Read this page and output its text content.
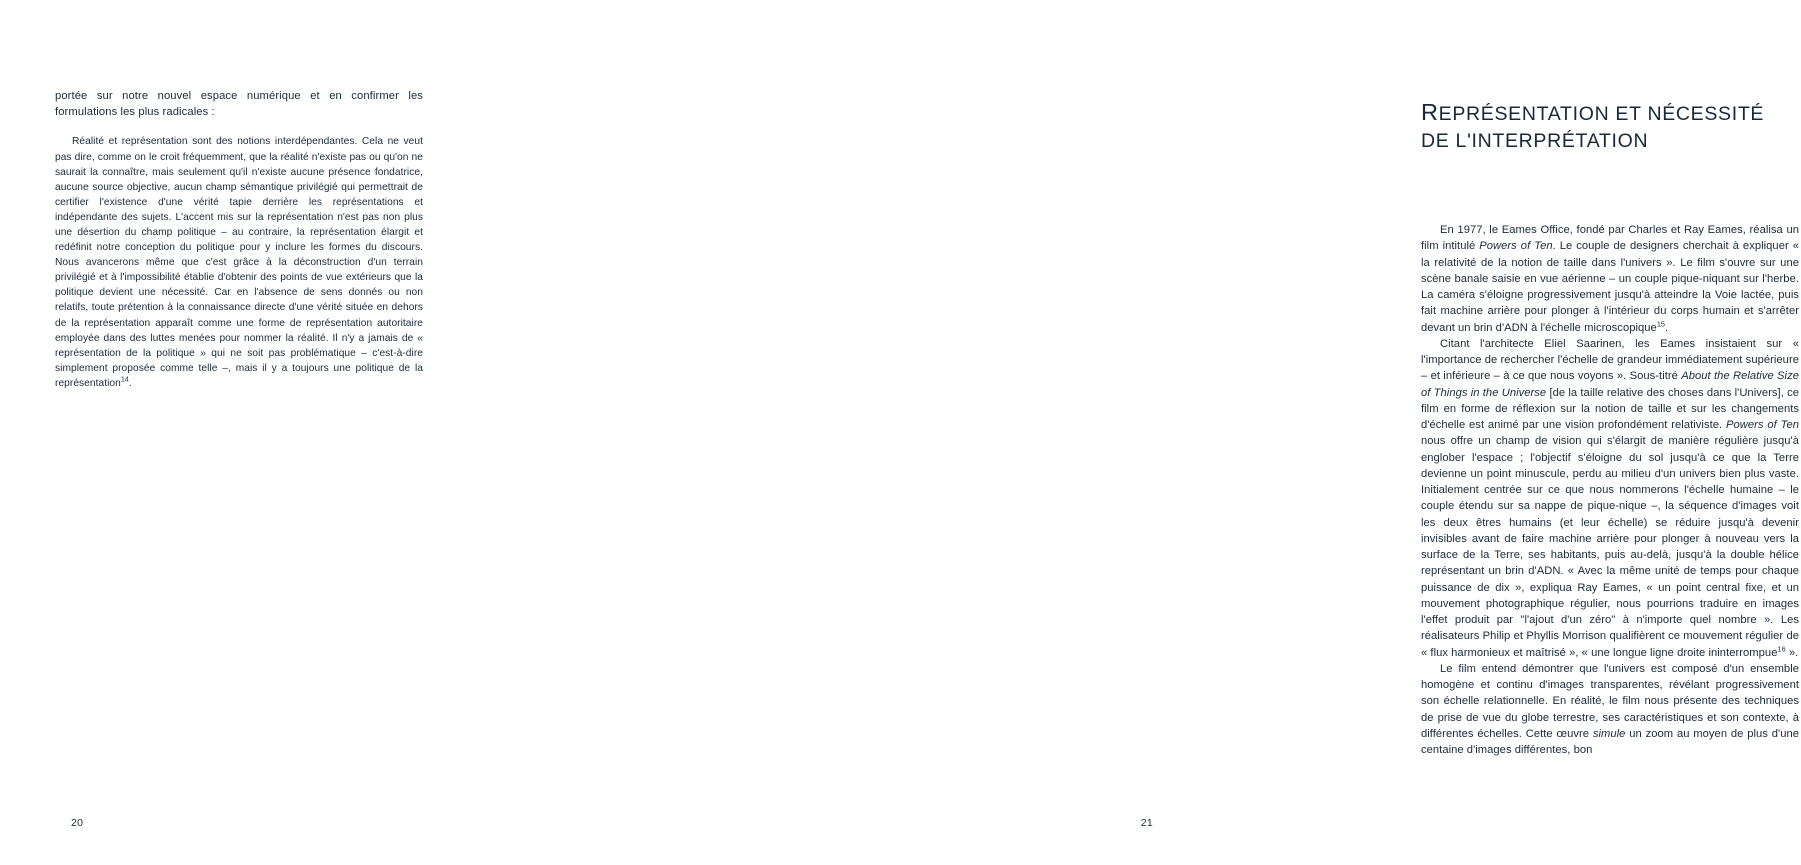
portée sur notre nouvel espace numérique et en confirmer les formulations les plus radicales :

Réalité et représentation sont des notions interdépendantes. Cela ne veut pas dire, comme on le croit fréquemment, que la réalité n'existe pas ou qu'on ne saurait la connaître, mais seulement qu'il n'existe aucune présence fondatrice, aucune source objective, aucun champ sémantique privilégié qui permettrait de certifier l'existence d'une vérité tapie derrière les représentations et indépendante des sujets. L'accent mis sur la représentation n'est pas non plus une désertion du champ politique – au contraire, la représentation élargit et redéfinit notre conception du politique pour y inclure les formes du discours. Nous avancerons même que c'est grâce à la déconstruction d'un terrain privilégié et à l'impossibilité établie d'obtenir des points de vue extérieurs que la politique devient une nécessité. Car en l'absence de sens donnés ou non relatifs, toute prétention à la connaissance directe d'une vérité située en dehors de la représentation apparaît comme une forme de représentation autoritaire employée dans des luttes menées pour nommer la réalité. Il n'y a jamais de « représentation de la politique » qui ne soit pas problématique – c'est-à-dire simplement proposée comme telle –, mais il y a toujours une politique de la représentation$^{14}$.
20
REPRÉSENTATION ET NÉCESSITÉ
DE L'INTERPRÉTATION

En 1977, le Eames Office, fondé par Charles et Ray Eames, réalisa un film intitulé Powers of Ten. Le couple de designers cherchait à expliquer « la relativité de la notion de taille dans l'univers ». Le film s'ouvre sur une scène banale saisie en vue aérienne – un couple pique-niquant sur l'herbe. La caméra s'éloigne progressivement jusqu'à atteindre la Voie lactée, puis fait machine arrière pour plonger à l'intérieur du corps humain et s'arrêter devant un brin d'ADN à l'échelle microscopique$^{15}$.

Citant l'architecte Eliel Saarinen, les Eames insistaient sur « l'importance de rechercher l'échelle de grandeur immédiatement supérieure – et inférieure – à ce que nous voyons ». Sous-titré About the Relative Size of Things in the Universe [de la taille relative des choses dans l'Univers], ce film en forme de réflexion sur la notion de taille et sur les changements d'échelle est animé par une vision profondément relativiste. Powers of Ten nous offre un champ de vision qui s'élargit de manière régulière jusqu'à englober l'espace ; l'objectif s'éloigne du sol jusqu'à ce que la Terre devienne un point minuscule, perdu au milieu d'un univers bien plus vaste. Initialement centrée sur ce que nous nommerons l'échelle humaine – le couple étendu sur sa nappe de pique-nique –, la séquence d'images voit les deux êtres humains (et leur échelle) se réduire jusqu'à devenir invisibles avant de faire machine arrière pour plonger à nouveau vers la surface de la Terre, ses habitants, puis au-delà, jusqu'à la double hélice représentant un brin d'ADN. « Avec la même unité de temps pour chaque puissance de dix », expliqua Ray Eames, « un point central fixe, et un mouvement photographique régulier, nous pourrions traduire en images l'effet produit par "l'ajout d'un zéro" à n'importe quel nombre ». Les réalisateurs Philip et Phyllis Morrison qualifièrent ce mouvement régulier de « flux harmonieux et maîtrisé », « une longue ligne droite ininterrompue$^{16}$ ».

Le film entend démontrer que l'univers est composé d'un ensemble homogène et continu d'images transparentes, révélant progressivement son échelle relationnelle. En réalité, le film nous présente des techniques de prise de vue du globe terrestre, ses caractéristiques et son contexte, à différentes échelles. Cette œuvre simule un zoom au moyen de plus d'une centaine d'images différentes, bon

21
